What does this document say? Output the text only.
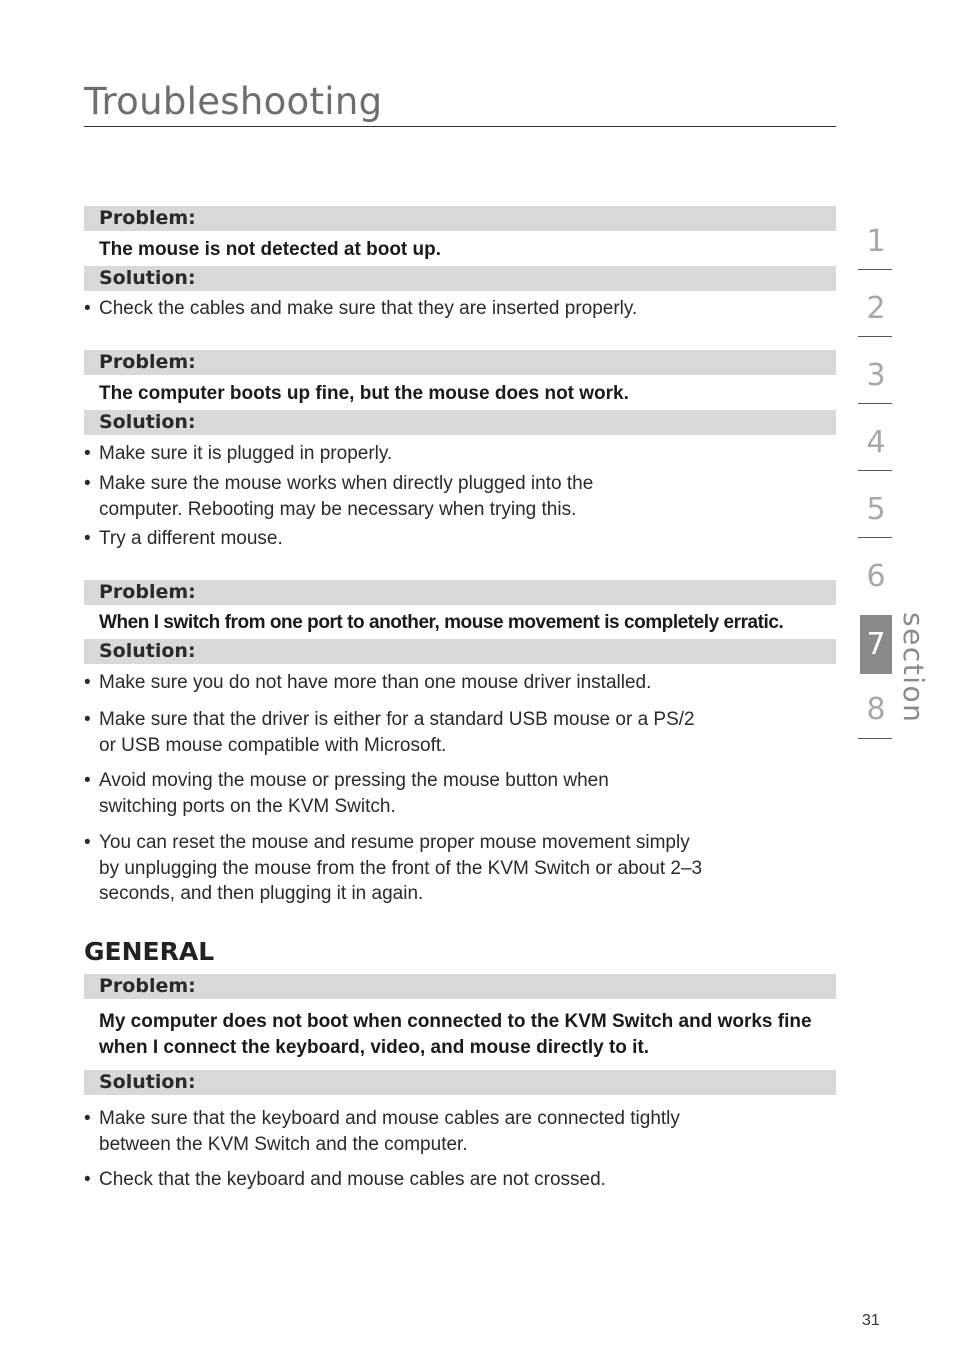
Troubleshooting
Problem:
The mouse is not detected at boot up.
Solution:
• Check the cables and make sure that they are inserted properly.
Problem:
The computer boots up fine, but the mouse does not work.
Solution:
• Make sure it is plugged in properly.
• Make sure the mouse works when directly plugged into the computer. Rebooting may be necessary when trying this.
• Try a different mouse.
Problem:
When I switch from one port to another, mouse movement is completely erratic.
Solution:
• Make sure you do not have more than one mouse driver installed.
• Make sure that the driver is either for a standard USB mouse or a PS/2 or USB mouse compatible with Microsoft.
• Avoid moving the mouse or pressing the mouse button when switching ports on the KVM Switch.
• You can reset the mouse and resume proper mouse movement simply by unplugging the mouse from the front of the KVM Switch or about 2–3 seconds, and then plugging it in again.
GENERAL
Problem:
My computer does not boot when connected to the KVM Switch and works fine when I connect the keyboard, video, and mouse directly to it.
Solution:
• Make sure that the keyboard and mouse cables are connected tightly between the KVM Switch and the computer.
• Check that the keyboard and mouse cables are not crossed.
1
2
3
4
5
6
7
8 section
31
